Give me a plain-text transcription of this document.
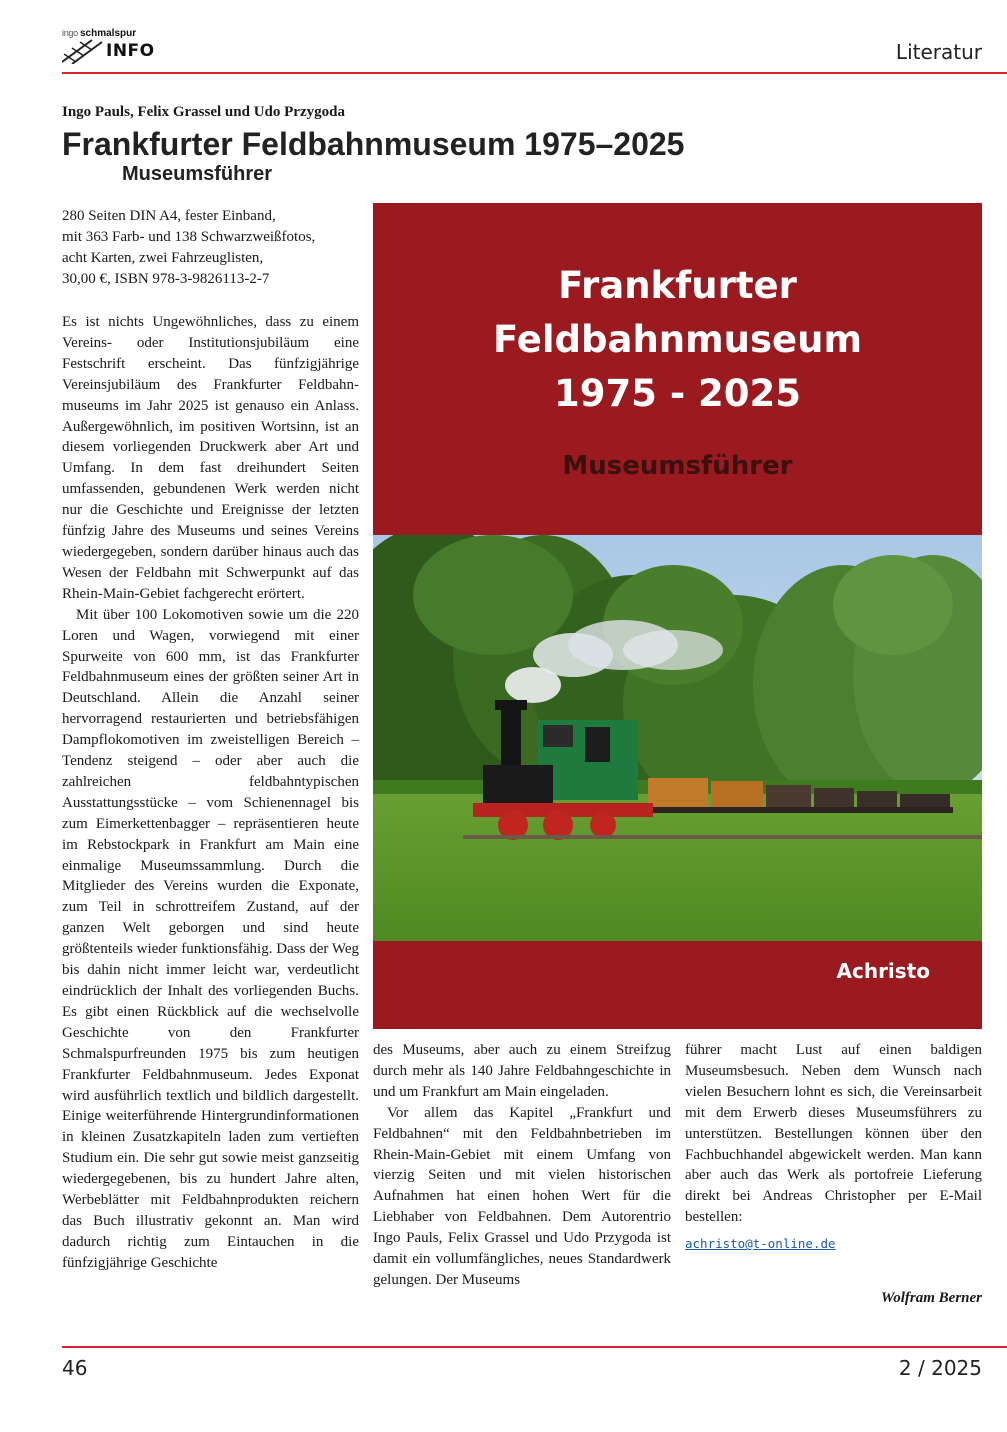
ingo schmalspur
INFO	Literatur
Ingo Pauls, Felix Grassel und Udo Przygoda
Frankfurter Feldbahnmuseum 1975–2025
Museumsführer
280 Seiten DIN A4, fester Einband,
mit 363 Farb- und 138 Schwarzweißfotos,
acht Karten, zwei Fahrzeuglisten,
30,00 €, ISBN 978-3-9826113-2-7

Es ist nichts Ungewöhnliches, dass zu einem Vereins- oder Institutionsjubiläum eine Festschrift erscheint. Das fünfzigjährige Vereinsjubiläum des Frankfurter Feldbahnmuseums im Jahr 2025 ist genauso ein Anlass. Außergewöhnlich, im positiven Wortsinn, ist an diesem vorliegenden Druckwerk aber Art und Umfang. In dem fast dreihundert Seiten umfassenden, gebundenen Werk werden nicht nur die Geschichte und Ereignisse der letzten fünfzig Jahre des Museums und seines Vereins wiedergegeben, sondern darüber hinaus auch das Wesen der Feldbahn mit Schwerpunkt auf das Rhein-Main-Gebiet fachgerecht erörtert.

Mit über 100 Lokomotiven sowie um die 220 Loren und Wagen, vorwiegend mit einer Spurweite von 600 mm, ist das Frankfurter Feldbahnmuseum eines der größten seiner Art in Deutschland. Allein die Anzahl seiner hervorragend restaurierten und betriebsfähigen Dampflokomotiven im zweistelligen Bereich – Tendenz steigend – oder aber auch die zahlreichen feldbahntypischen Ausstattungsstücke – vom Schienennagel bis zum Eimerkettenbagger – repräsentieren heute im Rebstockpark in Frankfurt am Main eine einmalige Museumssammlung. Durch die Mitglieder des Vereins wurden die Exponate, zum Teil in schrottreifem Zustand, auf der ganzen Welt geborgen und sind heute größtenteils wieder funktionsfähig. Dass der Weg bis dahin nicht immer leicht war, verdeutlicht eindrücklich der Inhalt des vorliegenden Buchs. Es gibt einen Rückblick auf die wechselvolle Geschichte von den Frankfurter Schmalspurfreunden 1975 bis zum heutigen Frankfurter Feldbahnmuseum. Jedes Exponat wird ausführlich textlich und bildlich dargestellt. Einige weiterführende Hintergrundinformationen in kleinen Zusatzkapiteln laden zum vertieften Studium ein. Die sehr gut sowie meist ganzseitig wiedergegebenen, bis zu hundert Jahre alten, Werbeblätter mit Feldbahnprodukten reichern das Buch illustrativ gekonnt an. Man wird dadurch richtig zum Eintauchen in die fünfzigjährige Geschichte

Frankfurter
Feldbahnmuseum
1975 - 2025
Museumsführer
Achristo

des Museums, aber auch zu einem Streifzug durch mehr als 140 Jahre Feldbahngeschichte in und um Frankfurt am Main eingeladen.

Vor allem das Kapitel „Frankfurt und Feldbahnen“ mit den Feldbahnbetrieben im Rhein-Main-Gebiet mit einem Umfang von vierzig Seiten und mit vielen historischen Aufnahmen hat einen hohen Wert für die Liebhaber von Feldbahnen. Dem Autorentrio Ingo Pauls, Felix Grassel und Udo Przygoda ist damit ein vollumfängliches, neues Standardwerk gelungen. Der Museums

führer macht Lust auf einen baldigen Museumsbesuch. Neben dem Wunsch nach vielen Besuchern lohnt es sich, die Vereinsarbeit mit dem Erwerb dieses Museumsführers zu unterstützen. Bestellungen können über den Fachbuchhandel abgewickelt werden. Man kann aber auch das Werk als portofreie Lieferung direkt bei Andreas Christopher per E-Mail bestellen:

achristo@t-online.de
Wolfram Berner
46	2 / 2025
